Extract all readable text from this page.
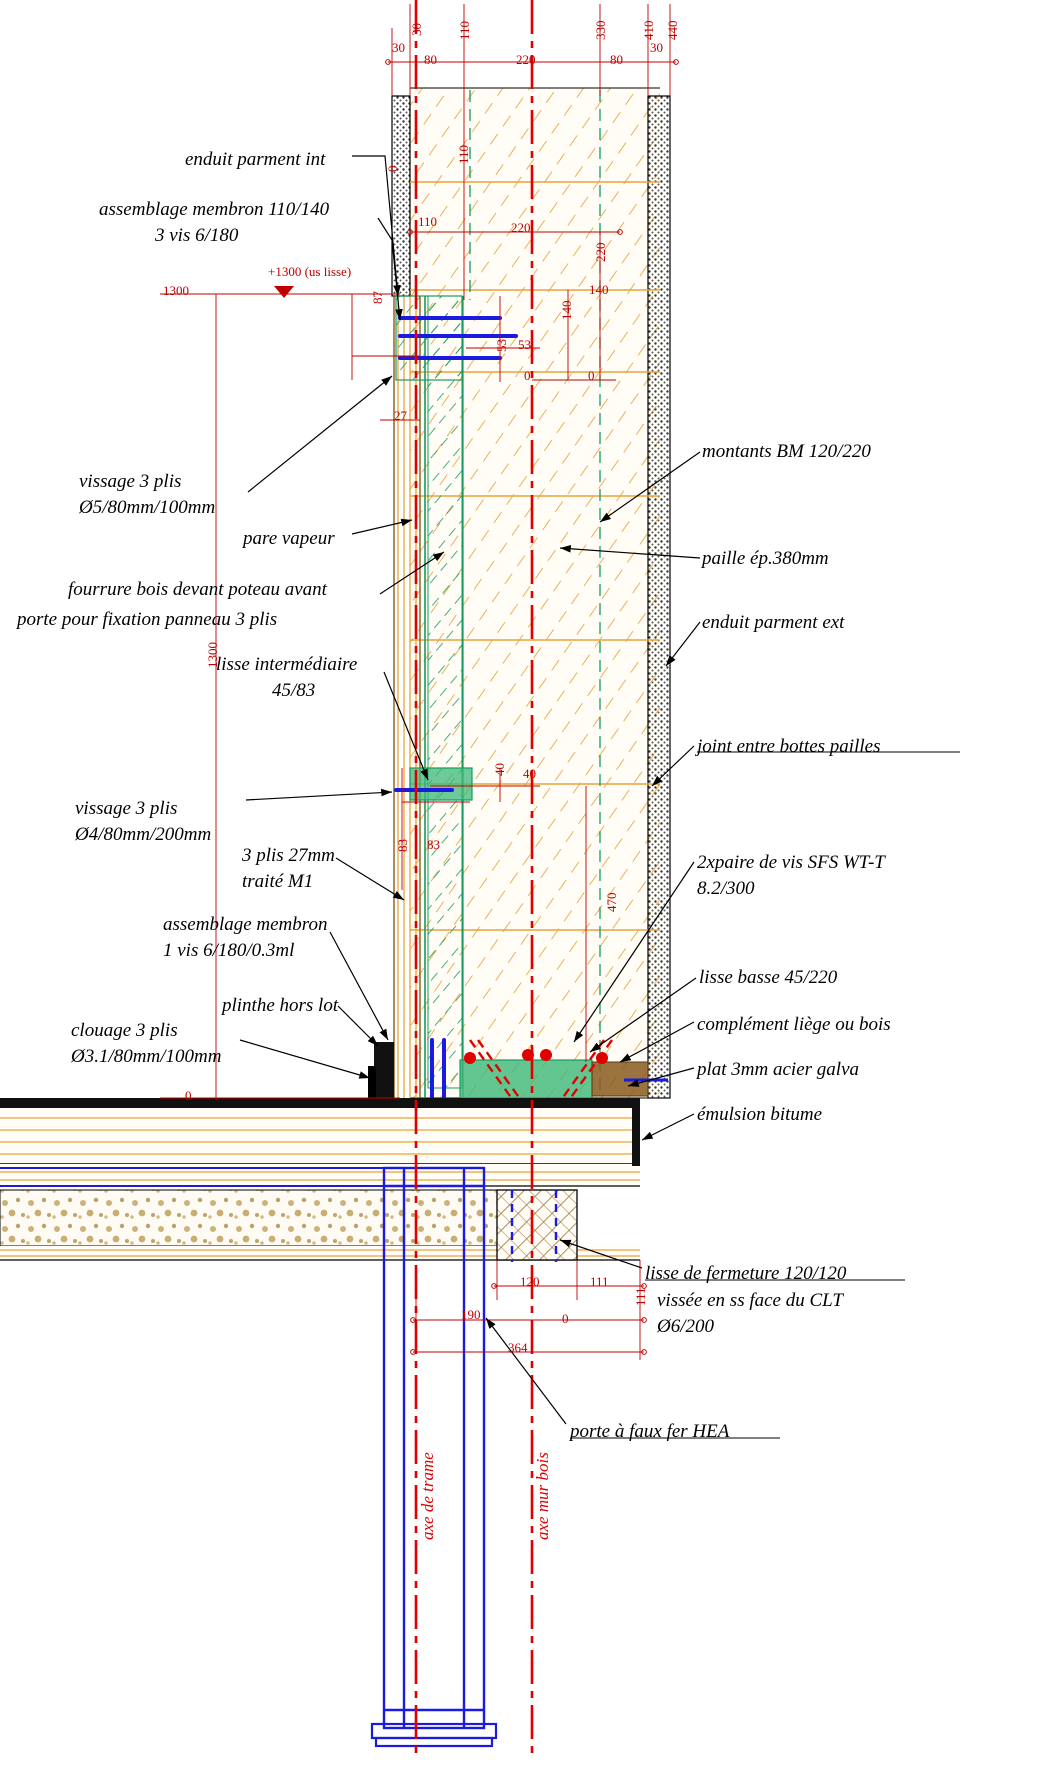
enduit parment int
assemblage membron 110/140
3 vis 6/180
vissage 3 plis
Ø5/80mm/100mm
pare vapeur
fourrure bois devant poteau avant
porte pour fixation panneau 3 plis
lisse intermédiaire
45/83
vissage 3 plis
Ø4/80mm/200mm
3 plis 27mm
traité M1
assemblage membron
1 vis 6/180/0.3ml
plinthe hors lot
clouage 3 plis
Ø3.1/80mm/100mm
montants BM 120/220
paille ép.380mm
enduit parment ext
joint entre bottes pailles
2xpaire de vis SFS WT-T
8.2/300
lisse basse 45/220
complément liège ou bois
plat 3mm acier galva
émulsion bitume
lisse de fermeture 120/120
vissée en ss face du CLT
Ø6/200
porte à faux fer HEA
axe de trame	axe mur bois
+1300 (us lisse)
1300
30	110	330	410 440
30
80	220	80
30
110
110	220
220
140
140
53
53
0	0
0
87
27
1300
40
40
83
83
470
0
120	111
111
190	0
364
